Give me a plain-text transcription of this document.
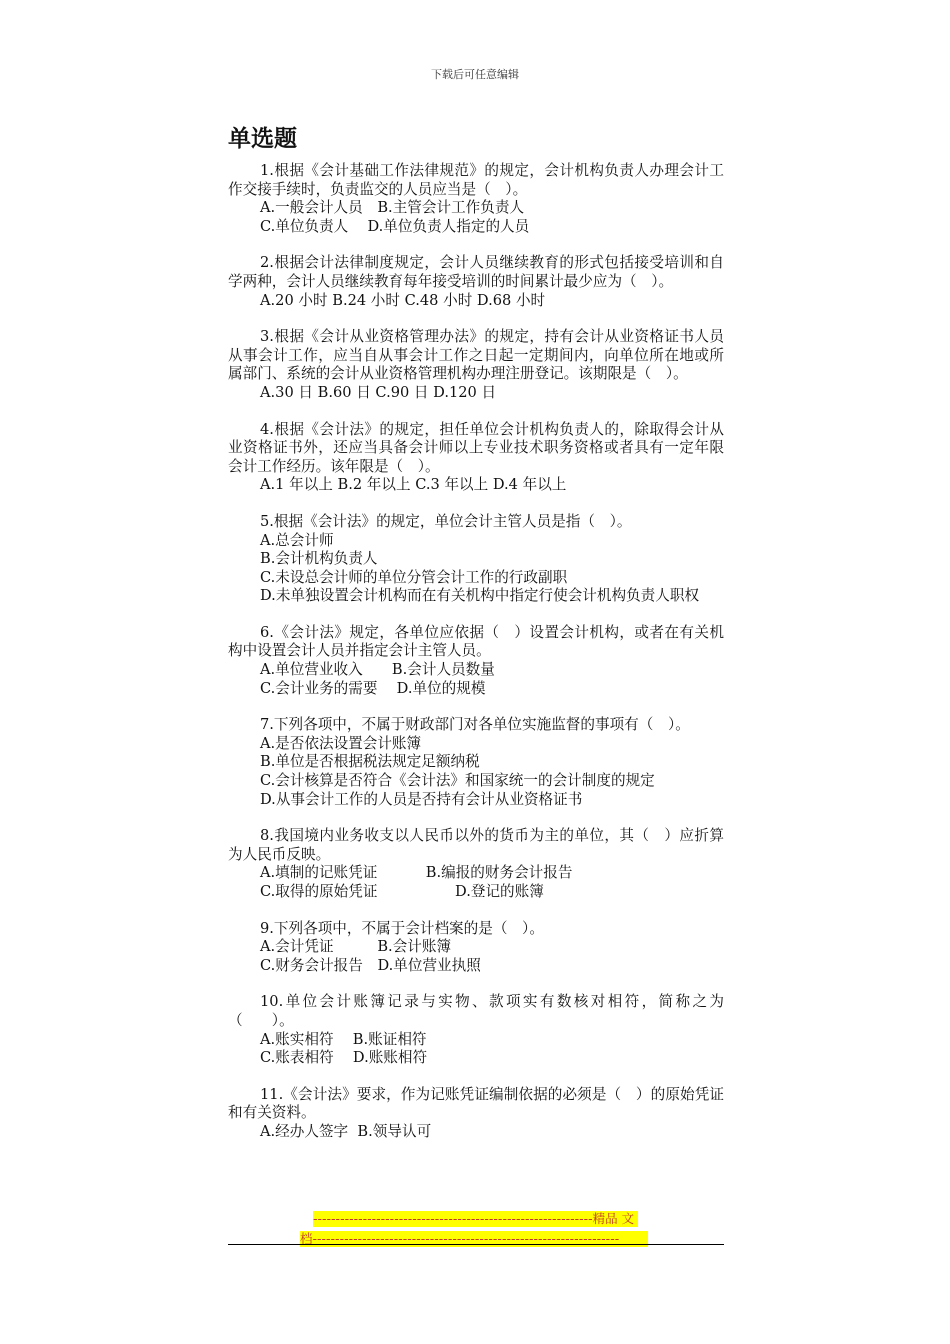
下载后可任意编辑
单选题
1.根据《会计基础工作法律规范》的规定，会计机构负责人办理会计工作交接手续时，负责监交的人员应当是（　）。
A.一般会计人员　B.主管会计工作负责人
C.单位负责人　 D.单位负责人指定的人员
2.根据会计法律制度规定，会计人员继续教育的形式包括接受培训和自学两种，会计人员继续教育每年接受培训的时间累计最少应为（　）。
A.20 小时 B.24 小时 C.48 小时 D.68 小时
3.根据《会计从业资格管理办法》的规定，持有会计从业资格证书人员从事会计工作，应当自从事会计工作之日起一定期间内，向单位所在地或所属部门、系统的会计从业资格管理机构办理注册登记。该期限是（　）。
A.30 日 B.60 日 C.90 日 D.120 日
4.根据《会计法》的规定，担任单位会计机构负责人的，除取得会计从业资格证书外，还应当具备会计师以上专业技术职务资格或者具有一定年限会计工作经历。该年限是（　）。
A.1 年以上 B.2 年以上 C.3 年以上 D.4 年以上
5.根据《会计法》的规定，单位会计主管人员是指（　）。
A.总会计师
B.会计机构负责人
C.未设总会计师的单位分管会计工作的行政副职
D.未单独设置会计机构而在有关机构中指定行使会计机构负责人职权
6.《会计法》规定，各单位应依据（　）设置会计机构，或者在有关机构中设置会计人员并指定会计主管人员。
A.单位营业收入　　B.会计人员数量
C.会计业务的需要　 D.单位的规模
7.下列各项中，不属于财政部门对各单位实施监督的事项有（　）。
A.是否依法设置会计账簿
B.单位是否根据税法规定足额纳税
C.会计核算是否符合《会计法》和国家统一的会计制度的规定
D.从事会计工作的人员是否持有会计从业资格证书
8.我国境内业务收支以人民币以外的货币为主的单位，其（　）应折算为人民币反映。
A.填制的记账凭证　　　 B.编报的财务会计报告
C.取得的原始凭证　　　　　 D.登记的账簿
9.下列各项中，不属于会计档案的是（　）。
A.会计凭证　　　B.会计账簿
C.财务会计报告　D.单位营业执照
10.单位会计账簿记录与实物、款项实有数核对相符，简称之为（　　）。
A.账实相符　 B.账证相符
C.账表相符　 D.账账相符
11.《会计法》要求，作为记账凭证编制依据的必须是（　）的原始凭证和有关资料。
A.经办人签字  B.领导认可
--------------------------------------------------------------精品 文
档--------------------------------------------------------------------
